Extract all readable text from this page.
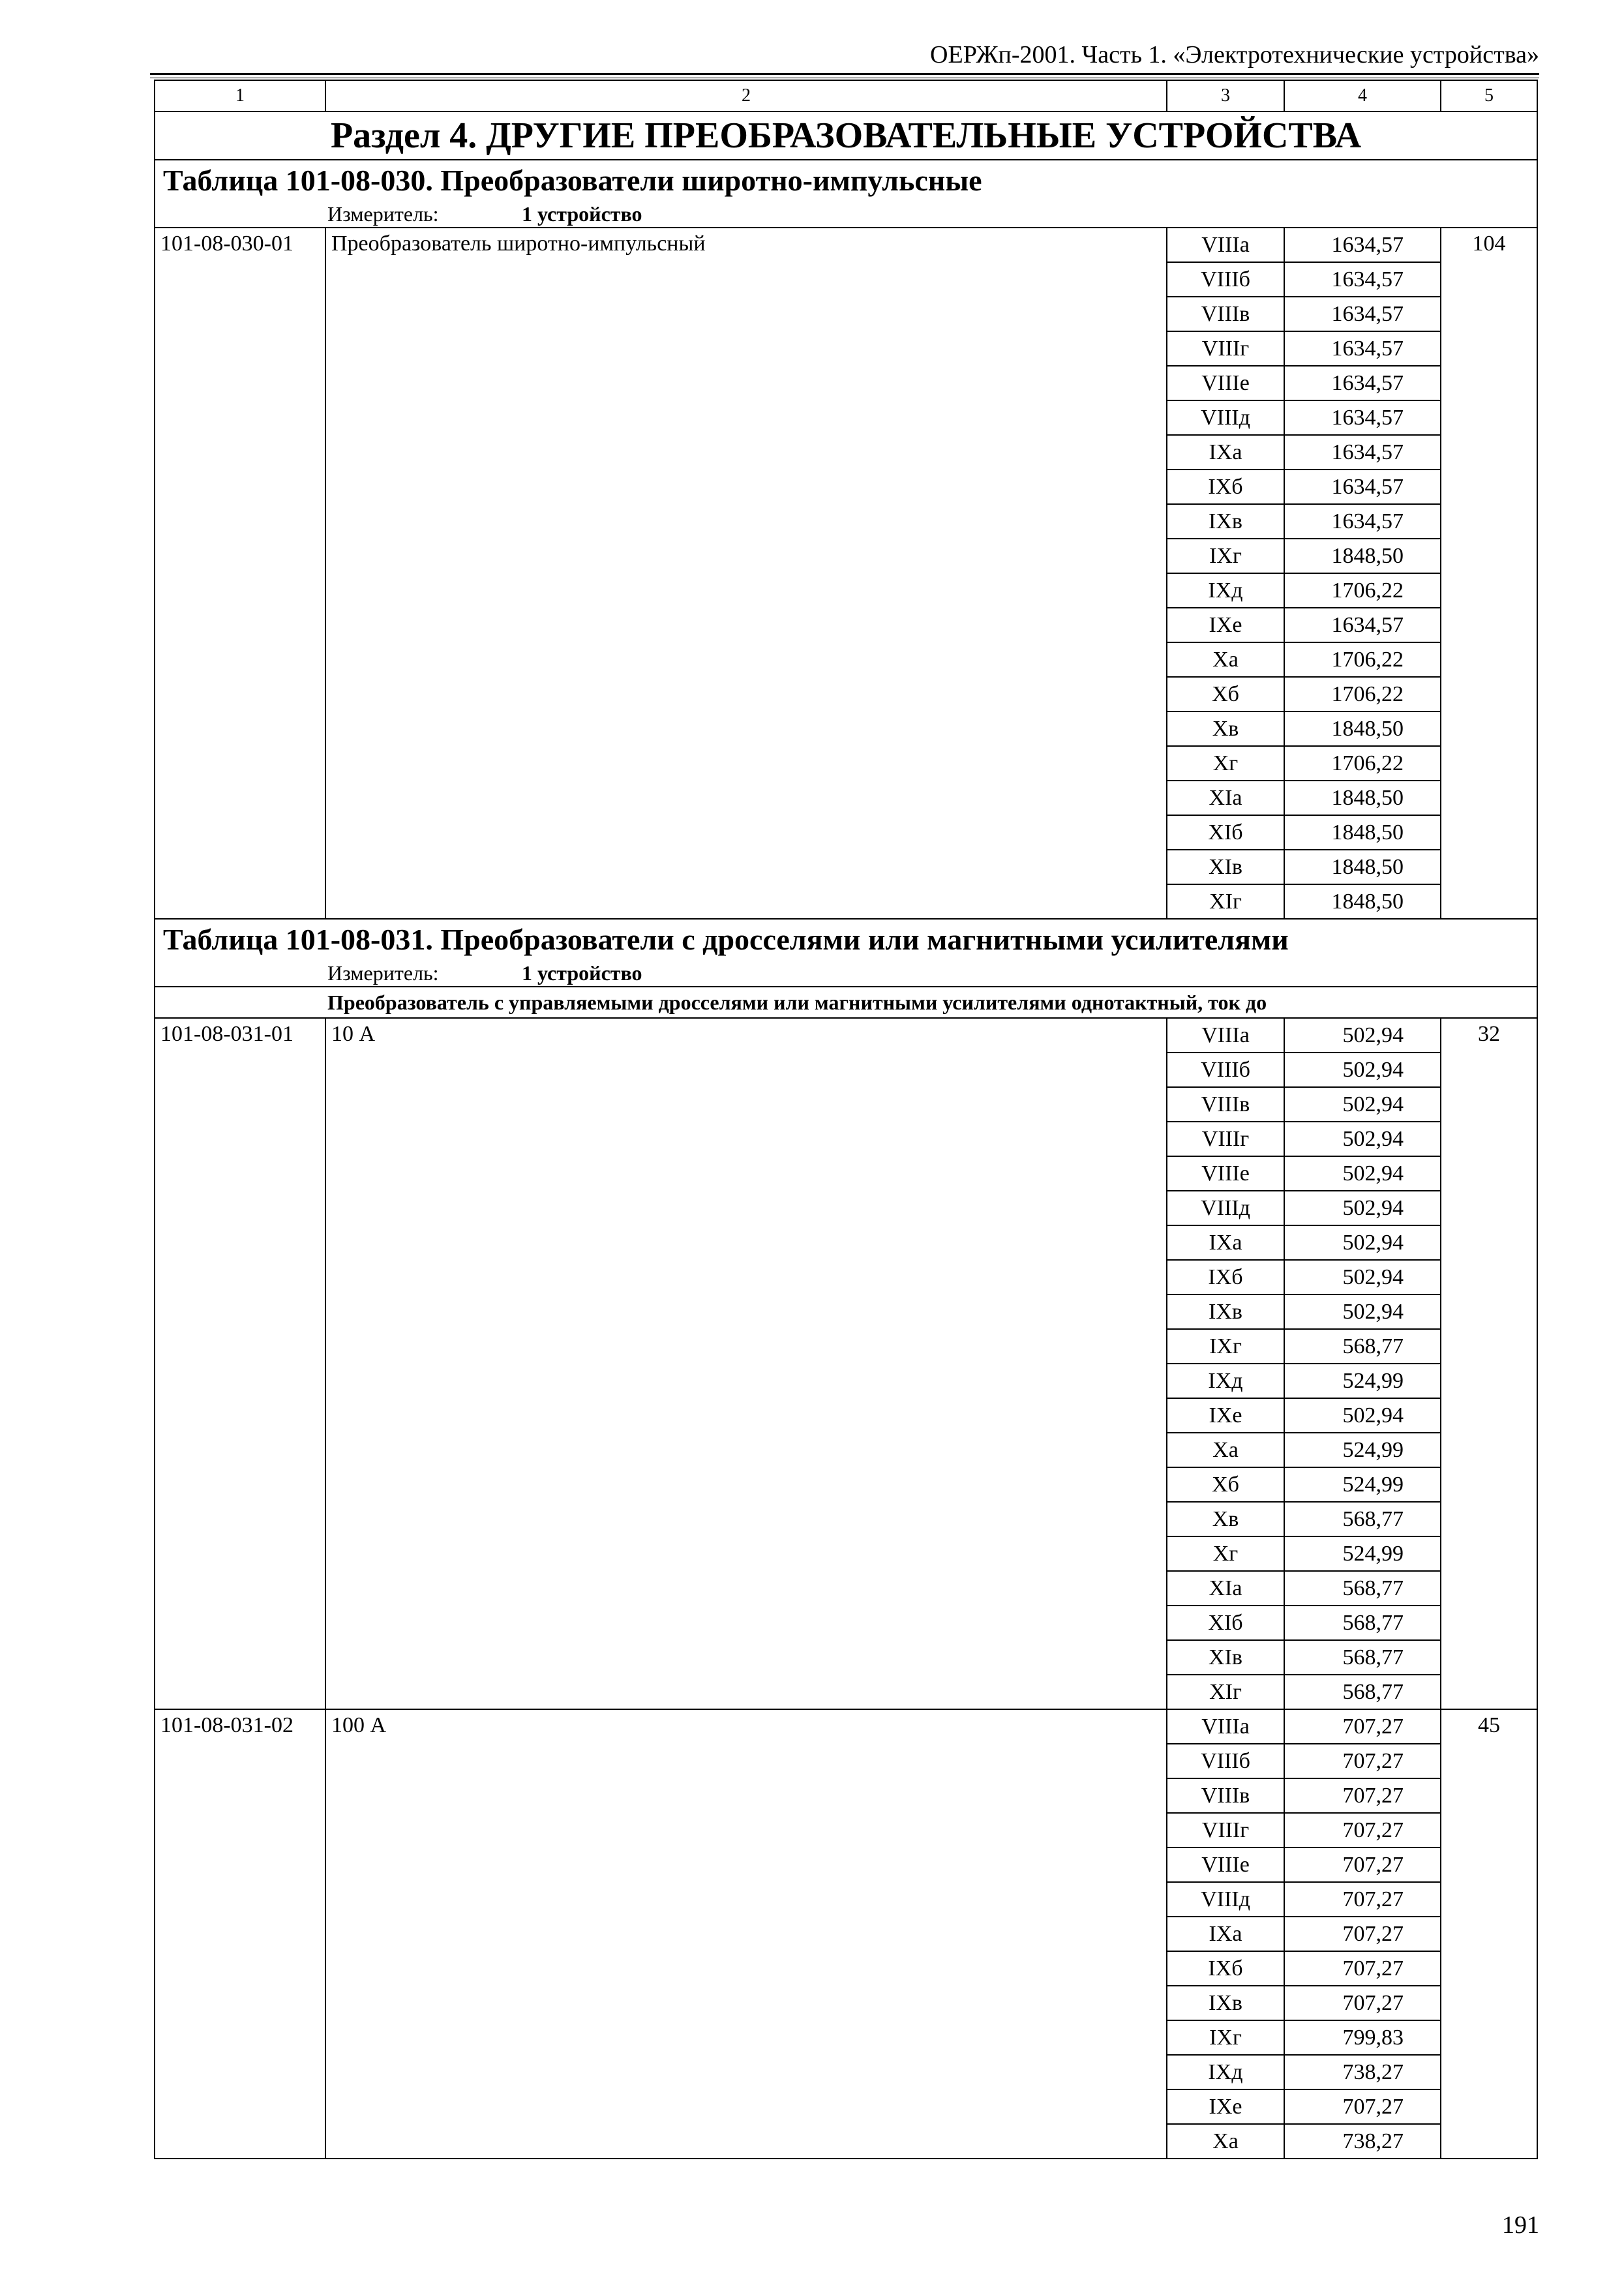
ОЕРЖп-2001. Часть 1. «Электротехнические устройства»
1	2	3	4	5
Раздел 4. ДРУГИЕ ПРЕОБРАЗОВАТЕЛЬНЫЕ УСТРОЙСТВА				
Таблица 101-08-030. Преобразователи широтно-импульсные				
Измеритель: 1 устройство				
101-08-030-01	Преобразователь широтно-импульсный	VIIIа	1634,57	104
		VIIIб	1634,57	
		VIIIв	1634,57	
		VIIIг	1634,57	
		VIIIе	1634,57	
		VIIIд	1634,57	
		IXа	1634,57	
		IXб	1634,57	
		IXв	1634,57	
		IXг	1848,50	
		IXд	1706,22	
		IXе	1634,57	
		Xа	1706,22	
		Xб	1706,22	
		Xв	1848,50	
		Xг	1706,22	
		XIа	1848,50	
		XIб	1848,50	
		XIв	1848,50	
		XIг	1848,50	
Таблица 101-08-031. Преобразователи с дросселями или магнитными усилителями				
Измеритель: 1 устройство				
Преобразователь с управляемыми дросселями или магнитными усилителями однотактный, ток до				
101-08-031-01	10 А	VIIIа	502,94	32
		VIIIб	502,94	
		VIIIв	502,94	
		VIIIг	502,94	
		VIIIе	502,94	
		VIIIд	502,94	
		IXа	502,94	
		IXб	502,94	
		IXв	502,94	
		IXг	568,77	
		IXд	524,99	
		IXе	502,94	
		Xа	524,99	
		Xб	524,99	
		Xв	568,77	
		Xг	524,99	
		XIа	568,77	
		XIб	568,77	
		XIв	568,77	
		XIг	568,77	
101-08-031-02	100 А	VIIIа	707,27	45
		VIIIб	707,27	
		VIIIв	707,27	
		VIIIг	707,27	
		VIIIе	707,27	
		VIIIд	707,27	
		IXа	707,27	
		IXб	707,27	
		IXв	707,27	
		IXг	799,83	
		IXд	738,27	
		IXе	707,27	
		Xа	738,27	
191
